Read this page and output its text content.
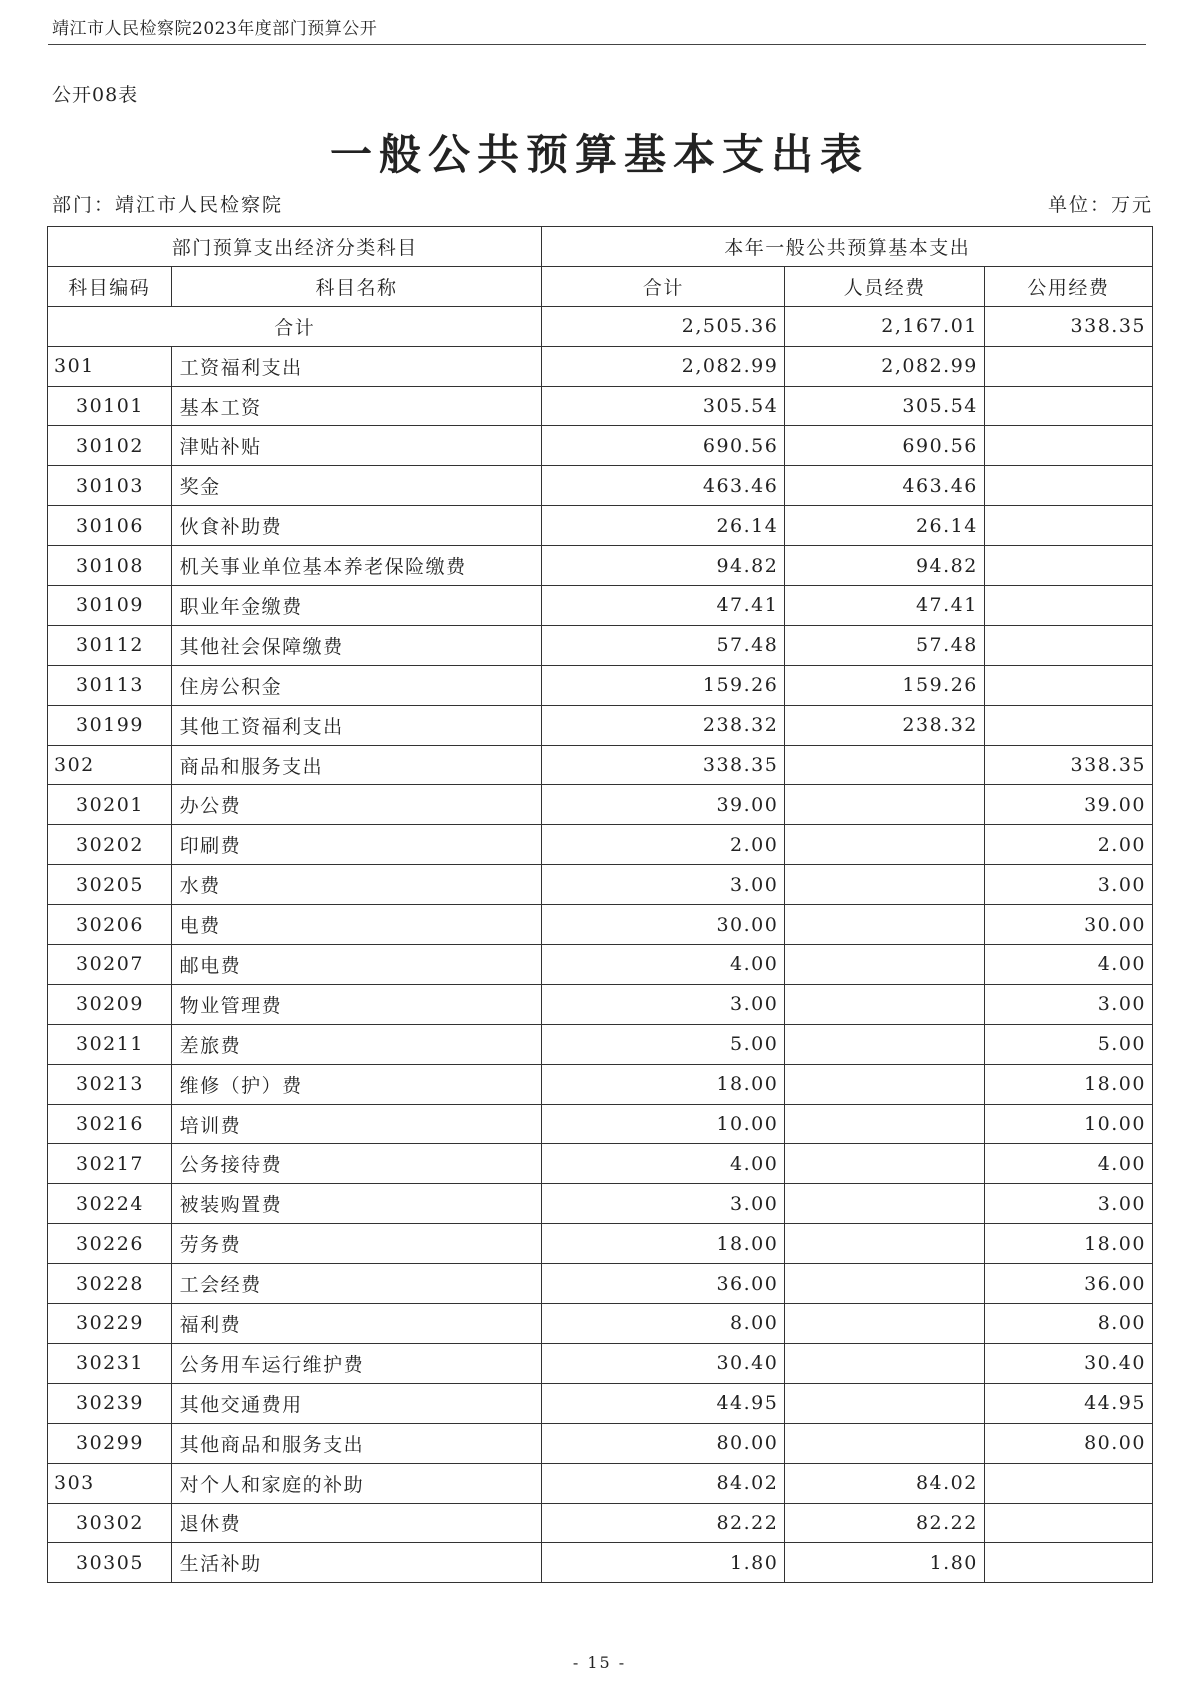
靖江市人民检察院2023年度部门预算公开
公开08表
一般公共预算基本支出表
部门：靖江市人民检察院	单位：万元
部门预算支出经济分类科目		本年一般公共预算基本支出		
科目编码	科目名称	合计	人员经费	公用经费
合计		2,505.36	2,167.01	338.35
301	工资福利支出	2,082.99	2,082.99	
30101	基本工资	305.54	305.54	
30102	津贴补贴	690.56	690.56	
30103	奖金	463.46	463.46	
30106	伙食补助费	26.14	26.14	
30108	机关事业单位基本养老保险缴费	94.82	94.82	
30109	职业年金缴费	47.41	47.41	
30112	其他社会保障缴费	57.48	57.48	
30113	住房公积金	159.26	159.26	
30199	其他工资福利支出	238.32	238.32	
302	商品和服务支出	338.35		338.35
30201	办公费	39.00		39.00
30202	印刷费	2.00		2.00
30205	水费	3.00		3.00
30206	电费	30.00		30.00
30207	邮电费	4.00		4.00
30209	物业管理费	3.00		3.00
30211	差旅费	5.00		5.00
30213	维修（护）费	18.00		18.00
30216	培训费	10.00		10.00
30217	公务接待费	4.00		4.00
30224	被装购置费	3.00		3.00
30226	劳务费	18.00		18.00
30228	工会经费	36.00		36.00
30229	福利费	8.00		8.00
30231	公务用车运行维护费	30.40		30.40
30239	其他交通费用	44.95		44.95
30299	其他商品和服务支出	80.00		80.00
303	对个人和家庭的补助	84.02	84.02	
30302	退休费	82.22	82.22	
30305	生活补助	1.80	1.80	
- 15 -
